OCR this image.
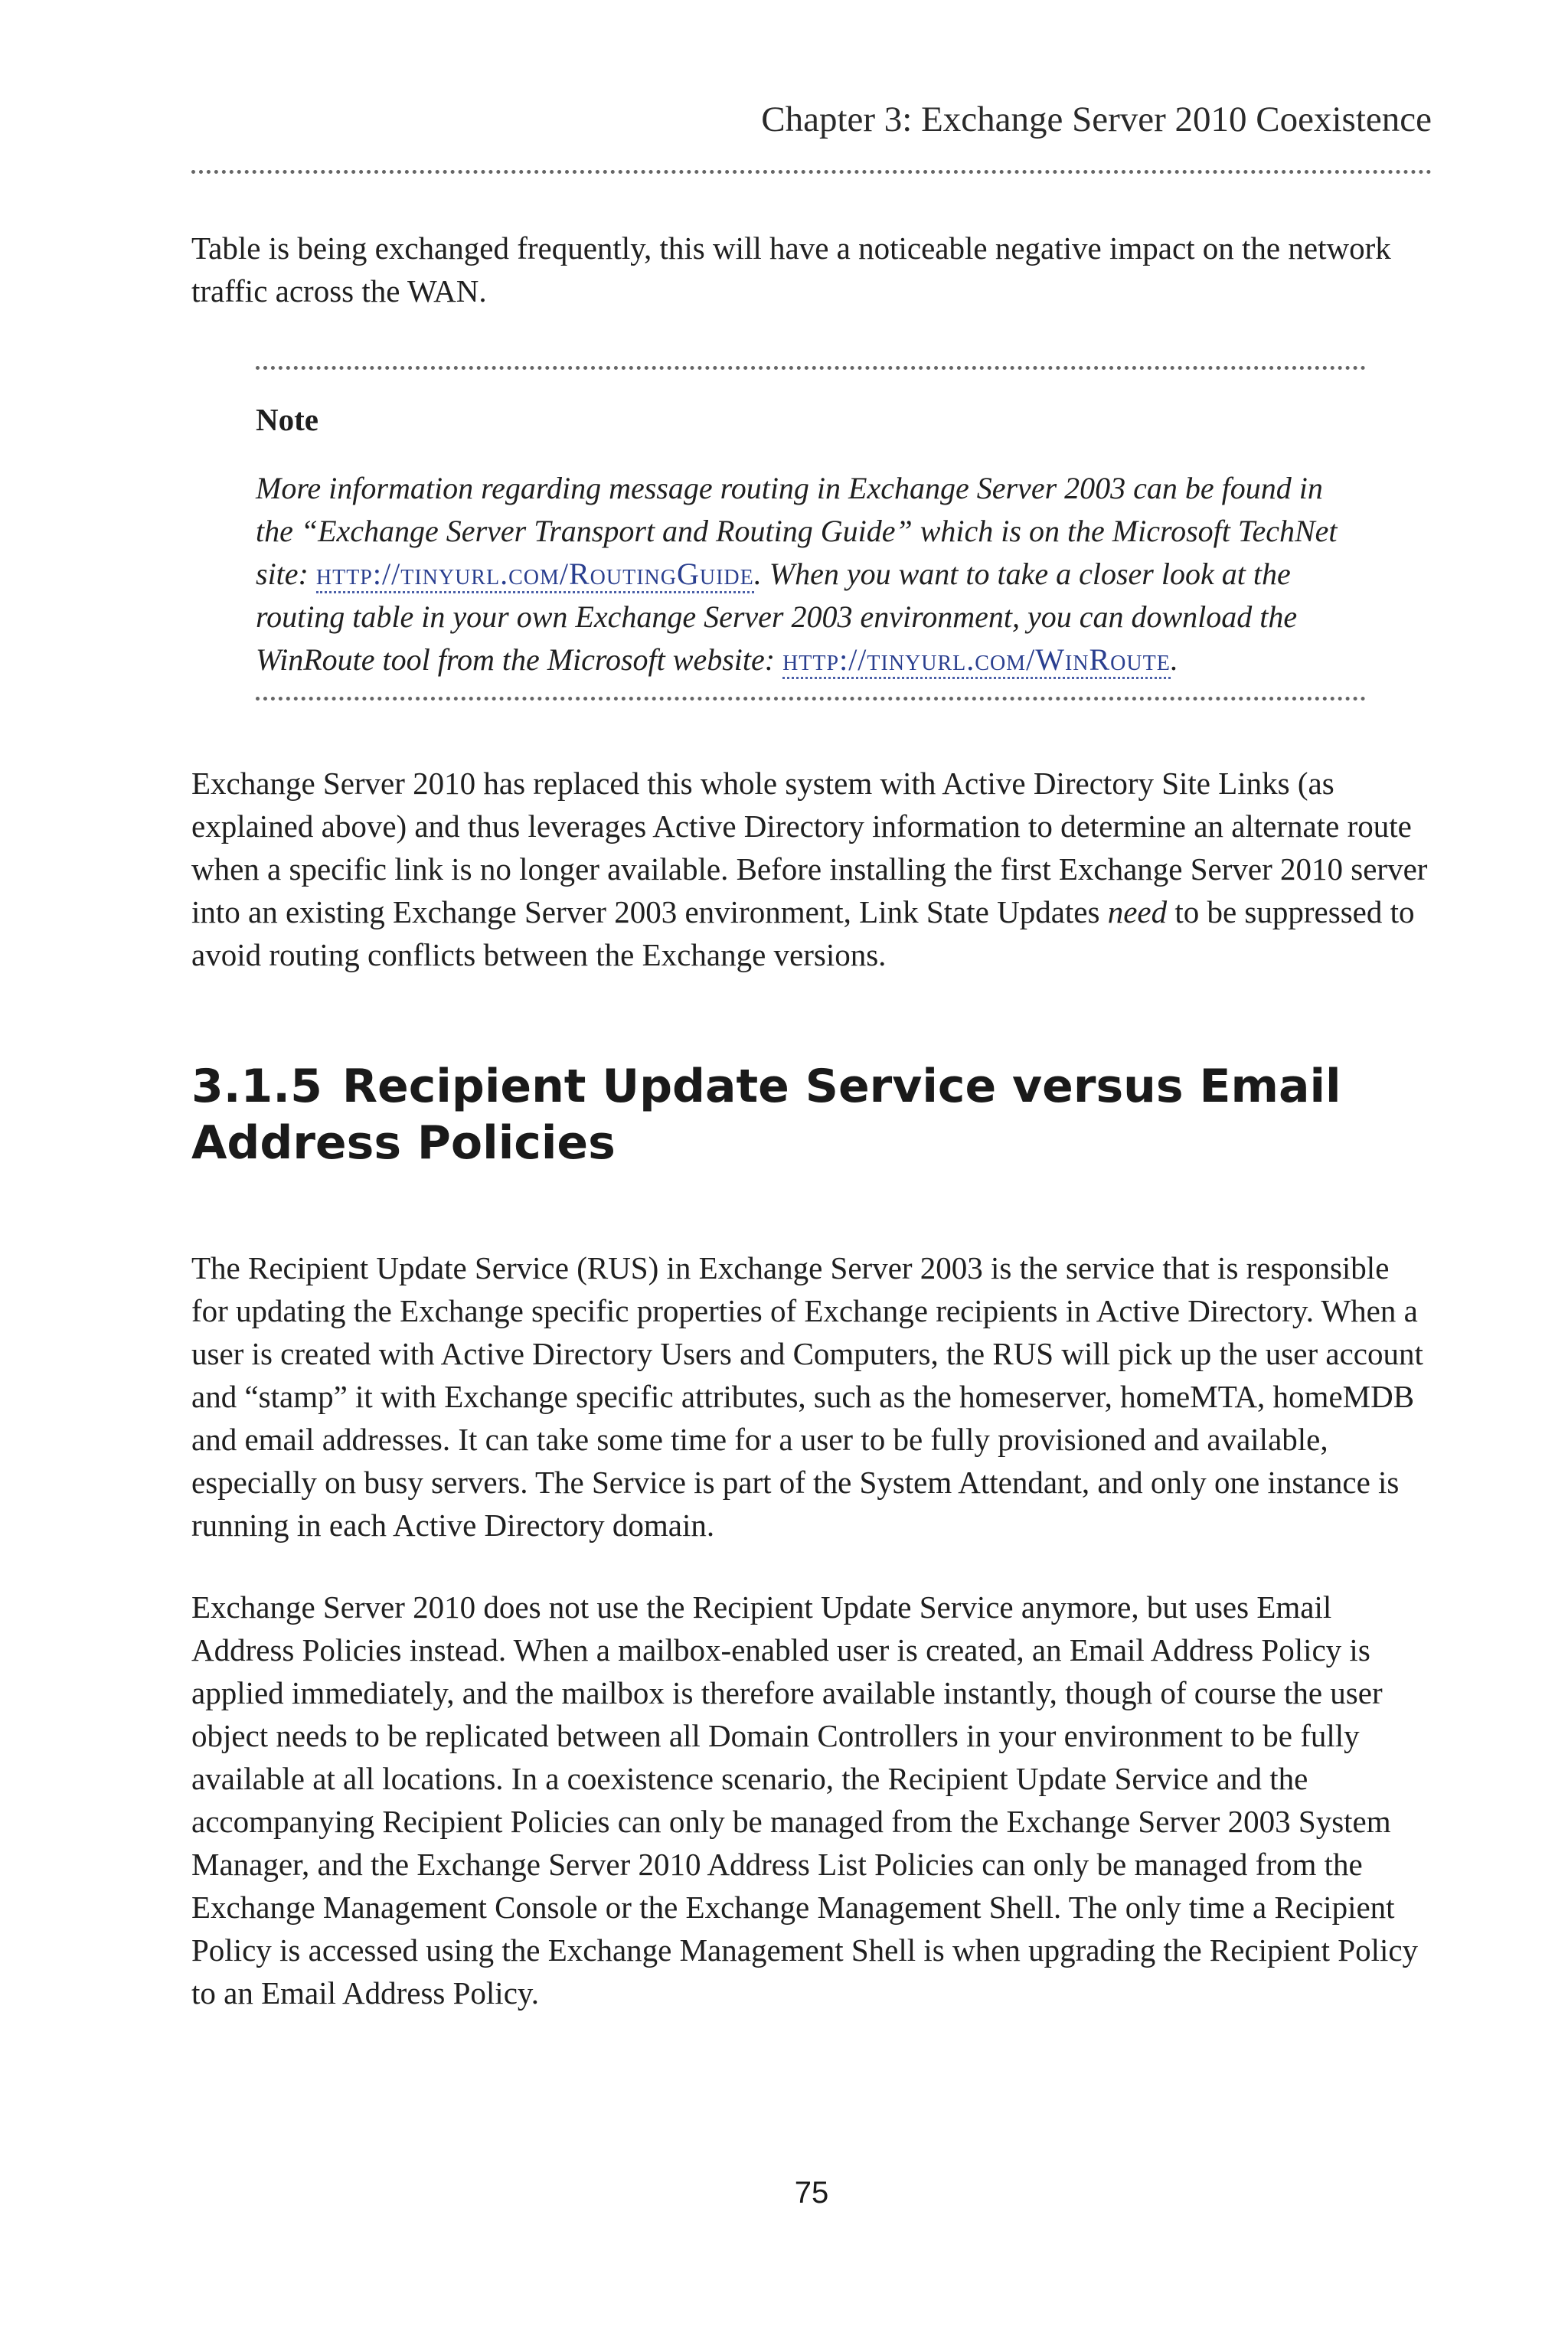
Chapter 3: Exchange Server 2010 Coexistence

Table is being exchanged frequently, this will have a noticeable negative impact on the network traffic across the WAN.

Note

More information regarding message routing in Exchange Server 2003 can be found in the “Exchange Server Transport and Routing Guide” which is on the Microsoft TechNet site: http://tinyurl.com/RoutingGuide. When you want to take a closer look at the routing table in your own Exchange Server 2003 environment, you can download the WinRoute tool from the Microsoft website: http://tinyurl.com/WinRoute.

Exchange Server 2010 has replaced this whole system with Active Directory Site Links (as explained above) and thus leverages Active Directory information to determine an alternate route when a specific link is no longer available. Before installing the first Exchange Server 2010 server into an existing Exchange Server 2003 environment, Link State Updates need to be suppressed to avoid routing conflicts between the Exchange versions.

3.1.5 Recipient Update Service versus Email Address Policies

The Recipient Update Service (RUS) in Exchange Server 2003 is the service that is responsible for updating the Exchange specific properties of Exchange recipients in Active Directory. When a user is created with Active Directory Users and Computers, the RUS will pick up the user account and “stamp” it with Exchange specific attributes, such as the homeserver, homeMTA, homeMDB and email addresses. It can take some time for a user to be fully provisioned and available, especially on busy servers. The Service is part of the System Attendant, and only one instance is running in each Active Directory domain.

Exchange Server 2010 does not use the Recipient Update Service anymore, but uses Email Address Policies instead. When a mailbox-enabled user is created, an Email Address Policy is applied immediately, and the mailbox is therefore available instantly, though of course the user object needs to be replicated between all Domain Controllers in your environment to be fully available at all locations. In a coexistence scenario, the Recipient Update Service and the accompanying Recipient Policies can only be managed from the Exchange Server 2003 System Manager, and the Exchange Server 2010 Address List Policies can only be managed from the Exchange Management Console or the Exchange Management Shell. The only time a Recipient Policy is accessed using the Exchange Management Shell is when upgrading the Recipient Policy to an Email Address Policy.

75
